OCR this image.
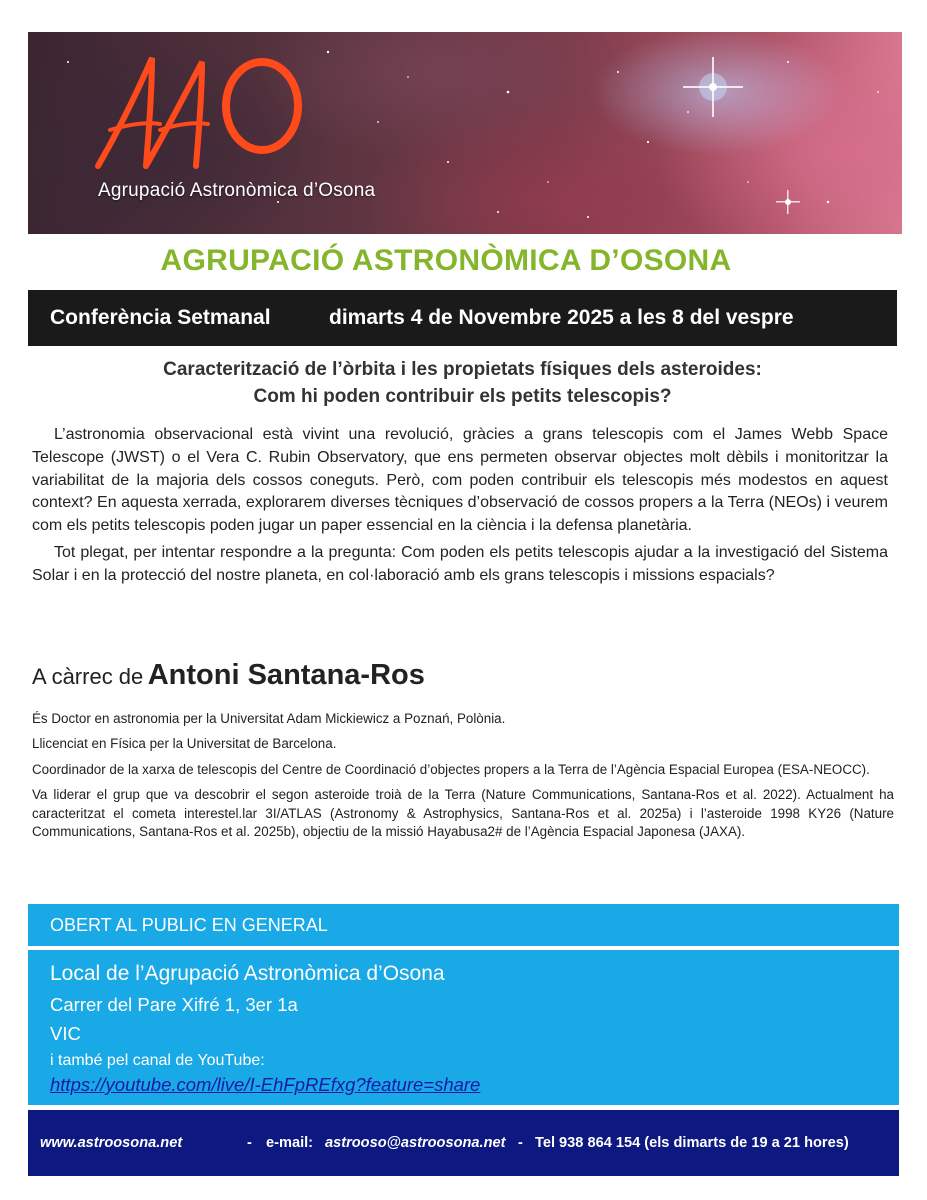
Agrupació Astronòmica d’Osona
AGRUPACIÓ ASTRONÒMICA D’OSONA
Conferència Setmanal	dimarts 4 de Novembre 2025 a les 8 del vespre	.
Caracterització de l’òrbita i les propietats físiques dels asteroides:
Com hi poden contribuir els petits telescopis?

L’astronomia observacional està vivint una revolució, gràcies a grans telescopis com el James Webb Space Telescope (JWST) o el Vera C. Rubin Observatory, que ens permeten observar objectes molt dèbils i monitoritzar la variabilitat de la majoria dels cossos coneguts. Però, com poden contribuir els telescopis més modestos en aquest context? En aquesta xerrada, explorarem diverses tècniques d’observació de cossos propers a la Terra (NEOs) i veurem com els petits telescopis poden jugar un paper essencial en la ciència i la defensa planetària.

Tot plegat, per intentar respondre a la pregunta: Com poden els petits telescopis ajudar a la investigació del Sistema Solar i en la protecció del nostre planeta, en col·laboració amb els grans telescopis i missions espacials?

A càrrec de Antoni Santana-Ros

És Doctor en astronomia per la Universitat Adam Mickiewicz a Poznań, Polònia.

Llicenciat en Física per la Universitat de Barcelona.

Coordinador de la xarxa de telescopis del Centre de Coordinació d’objectes propers a la Terra de l’Agència Espacial Europea (ESA-NEOCC).

Va liderar el grup que va descobrir el segon asteroide troià de la Terra (Nature Communications, Santana-Ros et al. 2022). Actualment ha caracteritzat el cometa interestel.lar 3I/ATLAS (Astronomy & Astrophysics, Santana-Ros et al. 2025a) i l’asteroide 1998 KY26 (Nature Communications, Santana-Ros et al. 2025b), objectiu de la missió Hayabusa2# de l’Agència Espacial Japonesa (JAXA).

OBERT AL PUBLIC EN GENERAL
Local de l’Agrupació Astronòmica d’Osona
Carrer del Pare Xifré 1, 3er 1a
VIC
i també pel canal de YouTube:
https://youtube.com/live/I-EhFpREfxg?feature=share
www.astroosona.net	- e-mail: astrooso@astroosona.net - Tel 938 864 154 (els dimarts de 19 a 21 hores)
